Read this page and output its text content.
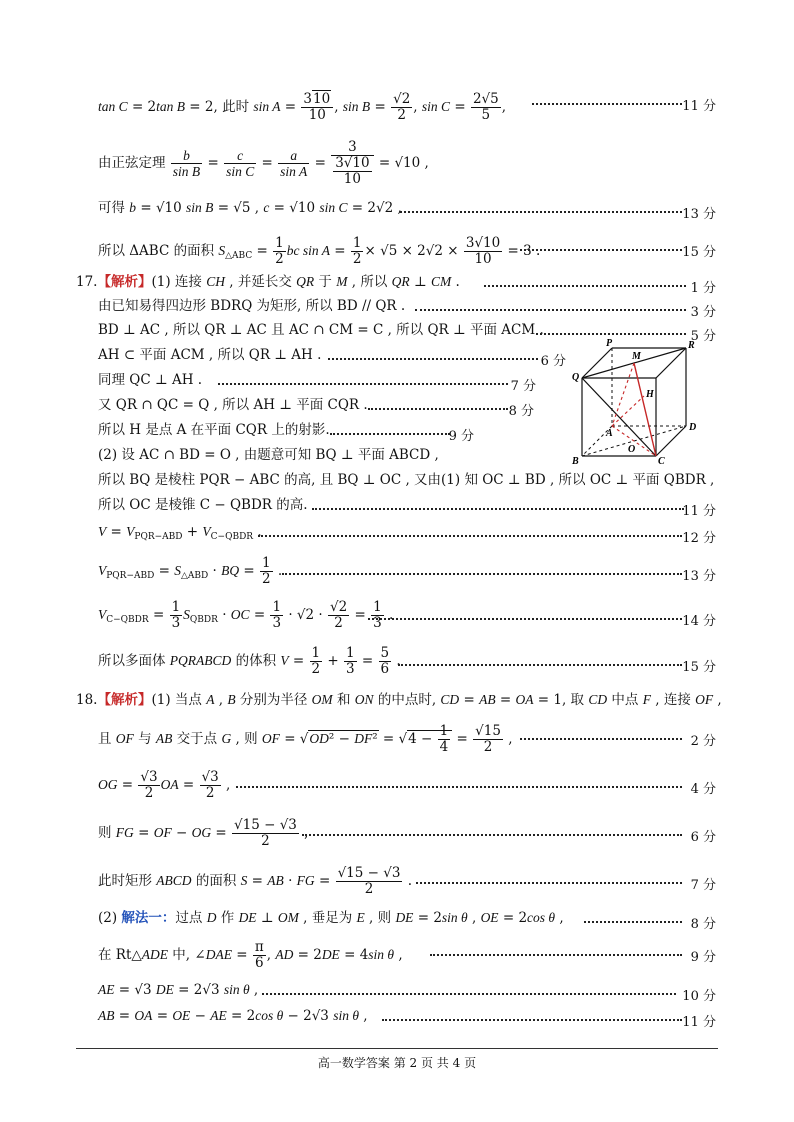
tan C = 2tan B = 2, 此时 $\sin A = \frac{310}{10}$ , $\sin B = \frac{√2}{2}$ , $\sin C = \frac{2√5}{5}$ ,	11 分
由正弦定理 $\frac{b}{\text{sin B}} = \frac{c}{\text{sin C}} = \frac{a}{\text{sin A}} = \frac{3}{\frac{3√10}{10}} = √10$ ,
可得 b = √10 sin B = √5 , c = √10 sin C = 2√2 ,	13 分
所以 ΔABC 的面积 $S_{\triangle ABC} = \frac{1}{2}$ bc $\sin A = \frac{1}{2} \times √5 \times 2√2 \times \frac{3√10}{10} = 3$ .	15 分
17.【解析】(1) 连接 CH , 并延长交 QR 于 M , 所以 QR ⊥ CM .	1 分
由已知易得四边形 BDRQ 为矩形, 所以 BD // QR .	3 分
BD ⊥ AC , 所以 QR ⊥ AC 且 AC ∩ CM = C , 所以 QR ⊥ 平面 ACM .	5 分
AH ⊂ 平面 ACM , 所以 QR ⊥ AH .	6 分
同理 QC ⊥ AH .	7 分
又 QR ∩ QC = Q , 所以 AH ⊥ 平面 CQR .	8 分
所以 H 是点 A 在平面 CQR 上的射影.	9 分
(2) 设 AC ∩ BD = O , 由题意可知 BQ ⊥ 平面 ABCD ,
所以 BQ 是棱柱 PQR − ABC 的高, 且 BQ ⊥ OC , 又由(1) 知 OC ⊥ BD , 所以 OC ⊥ 平面 QBDR ,
所以 OC 是棱锥 C − QBDR 的高.	11 分
$V = V_{PQR-ABD} + V_{C-QBDR}$ .	12 分
$V_{PQR-ABD} = S_{\triangle ABD}$ · BQ = $\frac{1}{2}$ .	13 分
$V_{C-QBDR} = \frac{1}{3} S_{QBDR}$ · OC = $\frac{1}{3} \cdot √2 \cdot \frac{√2}{2} = \frac{1}{3}$ .	14 分
所以多面体 PQRABCD 的体积 $V = \frac{1}{2} + \frac{1}{3} = \frac{5}{6}$ .	15 分
18.【解析】(1) 当点 A , B 分别为半径 OM 和 ON 的中点时, CD = AB = OA = 1, 取 CD 中点 F , 连接 OF ,
且 OF 与 AB 交于点 G , 则 OF = $√OD^2 - DF^2 = √4 - \frac{1}{4} = \frac{√15}{2}$ ,	2 分
OG = $\frac{√3}{2}$ OA = $\frac{√3}{2}$ ,	4 分
则 FG = OF − OG = $\frac{√15 - √3}{2}$ ,	6 分
此时矩形 ABCD 的面积 S = AB · FG = $\frac{√15 - √3}{2}$ .	7 分
(2) 解法一：过点 D 作 DE ⊥ OM , 垂足为 E , 则 DE = 2sin θ , OE = 2cos θ ,	8 分
在 Rt△ADE 中, ∠DAE = $\frac{\pi}{6}$ , AD = 2DE = 4sin θ ,	9 分
AE = √3 DE = 2√3 sin θ ,	10 分
AB = OA = OE − AE = 2cos θ − 2√3 sin θ ,	11 分
P
M
R
Q
H
A
D
O
B	C
高一数学答案 第 2 页 共 4 页
